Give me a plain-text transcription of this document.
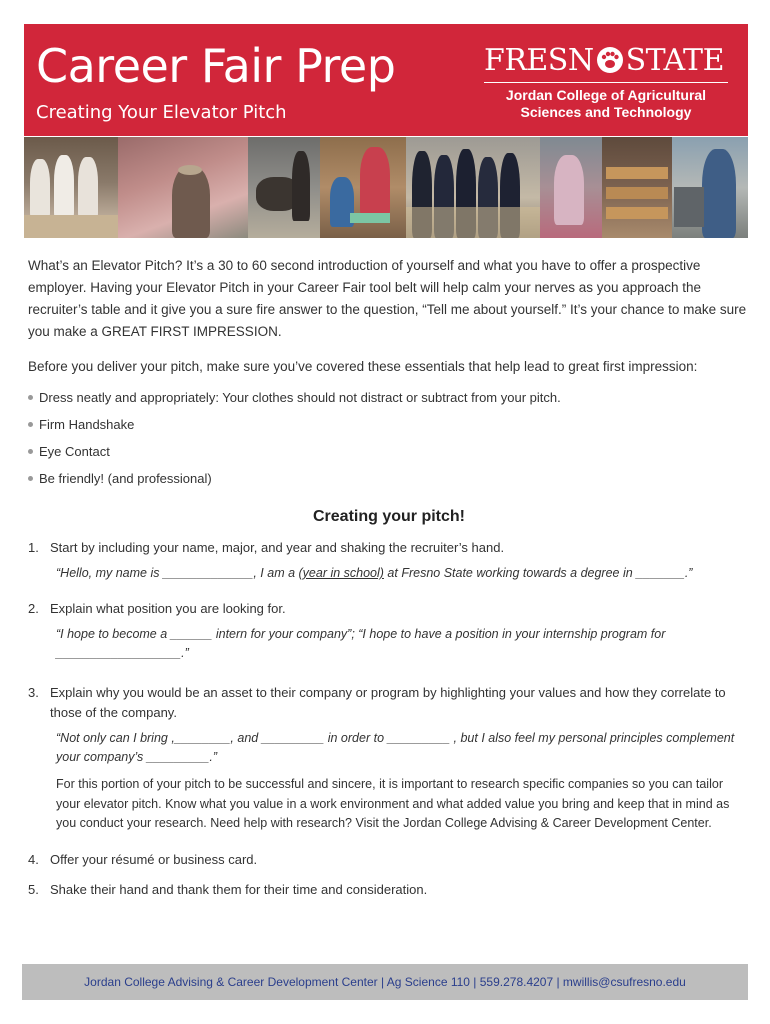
Career Fair Prep
Creating Your Elevator Pitch
FRESN STATE
Jordan College of Agricultural
Sciences and Technology

What’s an Elevator Pitch? It’s a 30 to 60 second introduction of yourself and what you have to offer a prospective employer. Having your Elevator Pitch in your Career Fair tool belt will help calm your nerves as you approach the recruiter’s table and it give you a sure fire answer to the question, “Tell me about yourself.” It’s your chance to make sure you make a GREAT FIRST IMPRESSION.

Before you deliver your pitch, make sure you’ve covered these essentials that help lead to great first impression:

Dress neatly and appropriately: Your clothes should not distract or subtract from your pitch.
Firm Handshake
Eye Contact
Be friendly! (and professional)
Creating your pitch!
1. Start by including your name, major, and year and shaking the recruiter’s hand.
“Hello, my name is _____________, I am a (year in school) at Fresno State working towards a degree in _______.”
2. Explain what position you are looking for.
“I hope to become a ______ intern for your company”; “I hope to have a position in your internship program for __________________.”
3. Explain why you would be an asset to their company or program by highlighting your values and how they correlate to those of the company.
“Not only can I bring ,________, and _________ in order to _________ , but I also feel my personal principles complement your company’s _________.”
For this portion of your pitch to be successful and sincere, it is important to research specific companies so you can tailor your elevator pitch. Know what you value in a work environment and what added value you bring and keep that in mind as you conduct your research. Need help with research? Visit the Jordan College Advising & Career Development Center.
4. Offer your résumé or business card.
5. Shake their hand and thank them for their time and consideration.
Jordan College Advising & Career Development Center | Ag Science 110 | 559.278.4207 | mwillis@csufresno.edu
